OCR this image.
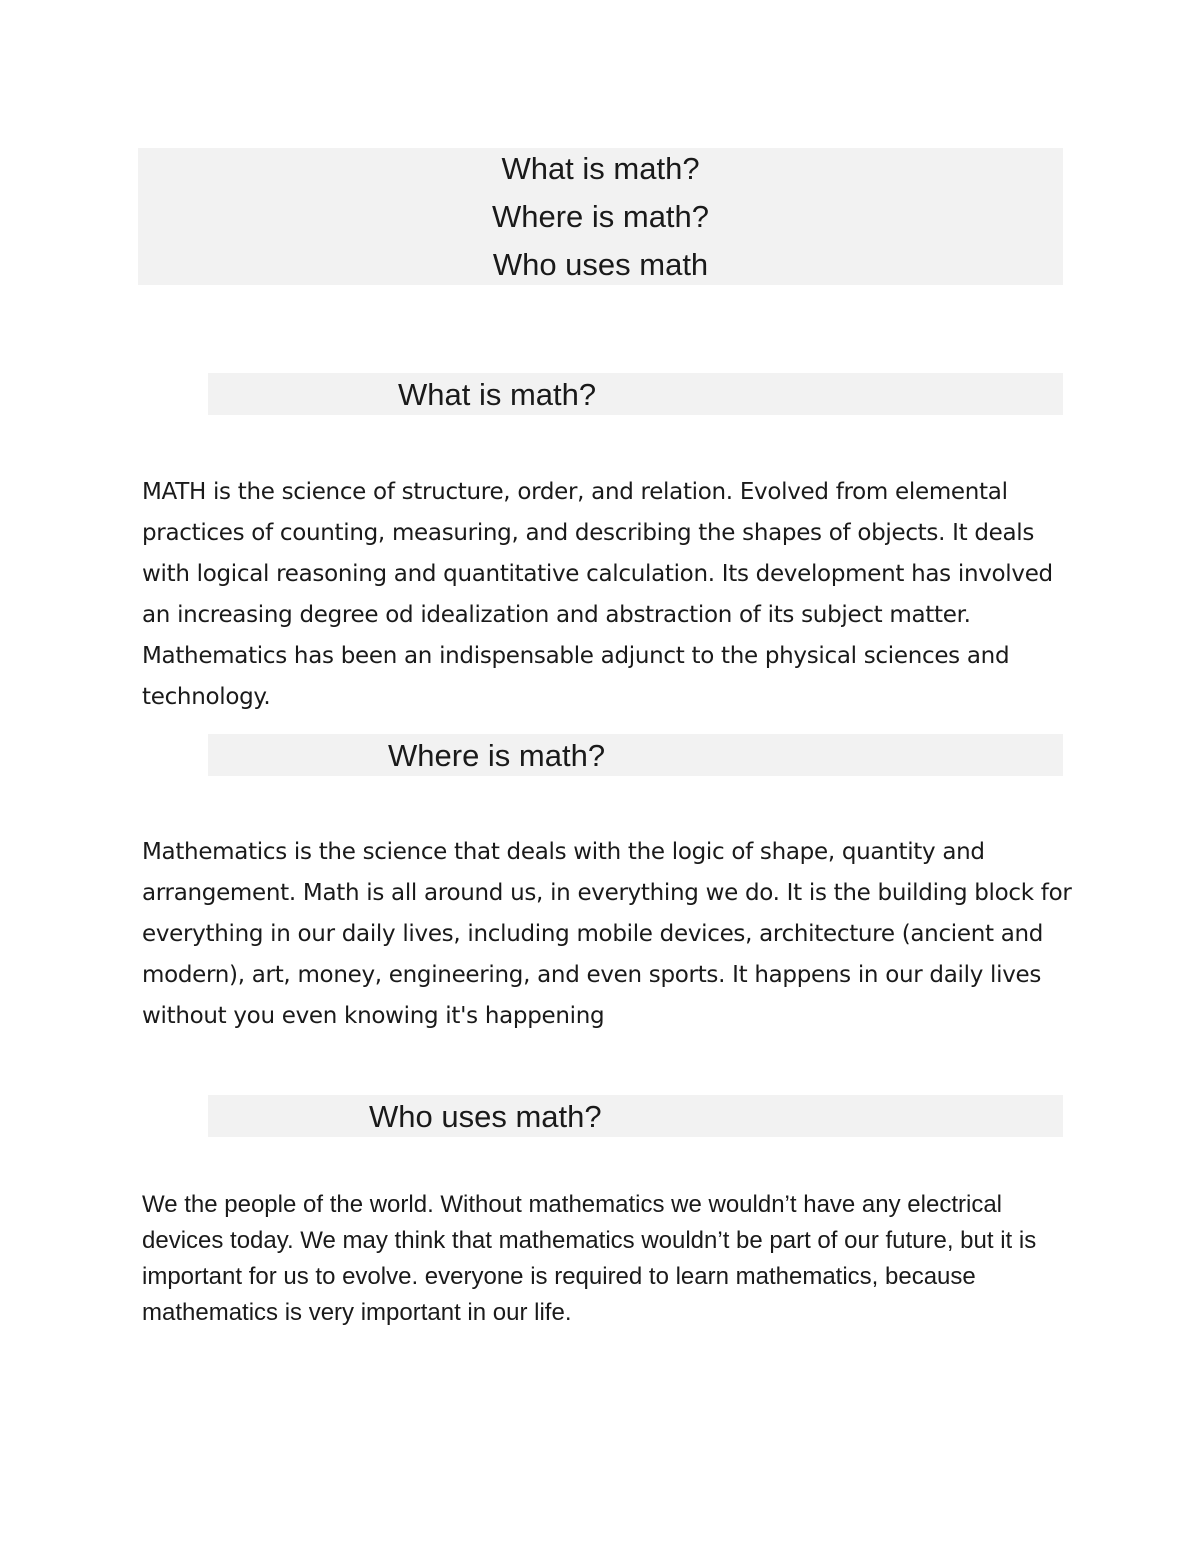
What is math?
Where is math?
Who uses math
What is math?

MATH is the science of structure, order, and relation. Evolved from elemental practices of counting, measuring, and describing the shapes of objects. It deals with logical reasoning and quantitative calculation. Its development has involved an increasing degree od idealization and abstraction of its subject matter. Mathematics has been an indispensable adjunct to the physical sciences and technology.

Where is math?

Mathematics is the science that deals with the logic of shape, quantity and arrangement. Math is all around us, in everything we do. It is the building block for everything in our daily lives, including mobile devices, architecture (ancient and modern), art, money, engineering, and even sports. It happens in our daily lives without you even knowing it's happening

Who uses math?

We the people of the world. Without mathematics we wouldn’t have any electrical devices today. We may think that mathematics wouldn’t be part of our future, but it is important for us to evolve. everyone is required to learn mathematics, because mathematics is very important in our life.
